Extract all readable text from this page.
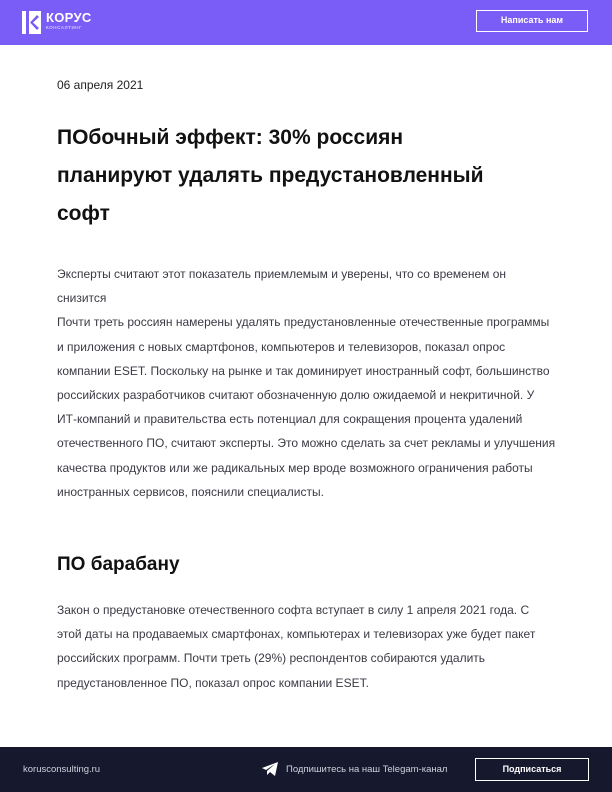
КОРУС
КОНСАЛТИНГ
Написать нам
06 апреля 2021
ПОбочный эффект: 30% россиян планируют удалять предустановленный софт

Эксперты считают этот показатель приемлемым и уверены, что со временем он снизится
Почти треть россиян намерены удалять предустановленные отечественные программы и приложения с новых смартфонов, компьютеров и телевизоров, показал опрос компании ESET. Поскольку на рынке и так доминирует иностранный софт, большинство российских разработчиков считают обозначенную долю ожидаемой и некритичной. У ИТ-компаний и правительства есть потенциал для сокращения процента удалений отечественного ПО, считают эксперты. Это можно сделать за счет рекламы и улучшения качества продуктов или же радикальных мер вроде возможного ограничения работы иностранных сервисов, пояснили специалисты.

ПО барабану

Закон о предустановке отечественного софта вступает в силу 1 апреля 2021 года. С этой даты на продаваемых смартфонах, компьютерах и телевизорах уже будет пакет российских программ. Почти треть (29%) респондентов собираются удалить предустановленное ПО, показал опрос компании ESET.

korusconsulting.ru	Подпишитесь на наш Telegam-канал	Подписаться
